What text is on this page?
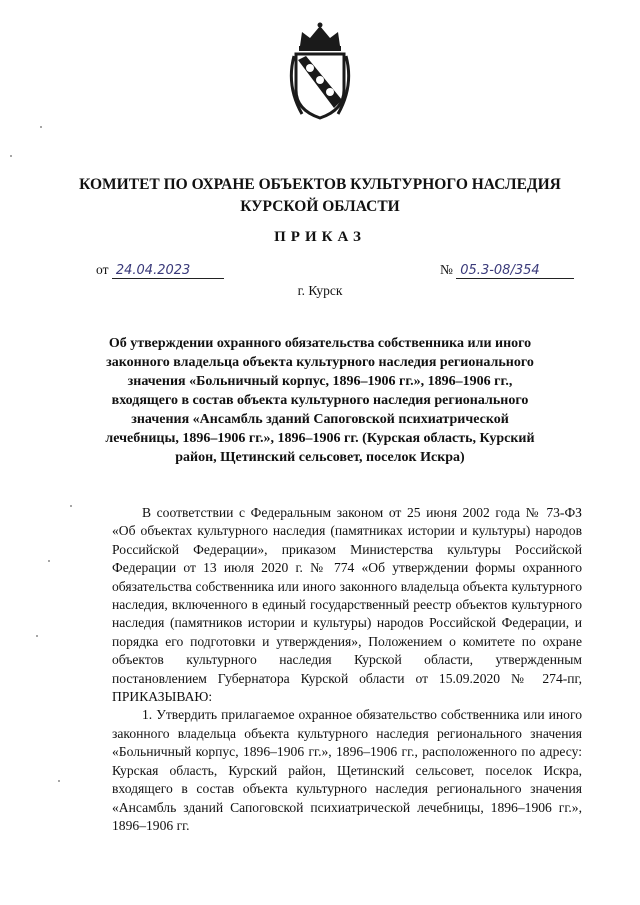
КОМИТЕТ ПО ОХРАНЕ ОБЪЕКТОВ КУЛЬТУРНОГО НАСЛЕДИЯ КУРСКОЙ ОБЛАСТИ
ПРИКАЗ
от 24.04.2023	№ 05.3-08/354
г. Курск
Об утверждении охранного обязательства собственника или иного законного владельца объекта культурного наследия регионального значения «Больничный корпус, 1896–1906 гг.», 1896–1906 гг., входящего в состав объекта культурного наследия регионального значения «Ансамбль зданий Сапоговской психиатрической лечебницы, 1896–1906 гг.», 1896–1906 гг. (Курская область, Курский район, Щетинский сельсовет, поселок Искра)

В соответствии с Федеральным законом от 25 июня 2002 года № 73-ФЗ «Об объектах культурного наследия (памятниках истории и культуры) народов Российской Федерации», приказом Министерства культуры Российской Федерации от 13 июля 2020 г. № 774 «Об утверждении формы охранного обязательства собственника или иного законного владельца объекта культурного наследия, включенного в единый государственный реестр объектов культурного наследия (памятников истории и культуры) народов Российской Федерации, и порядка его подготовки и утверждения», Положением о комитете по охране объектов культурного наследия Курской области, утвержденным постановлением Губернатора Курской области от 15.09.2020 № 274-пг, ПРИКАЗЫВАЮ:

1. Утвердить прилагаемое охранное обязательство собственника или иного законного владельца объекта культурного наследия регионального значения «Больничный корпус, 1896–1906 гг.», 1896–1906 гг., расположенного по адресу: Курская область, Курский район, Щетинский сельсовет, поселок Искра, входящего в состав объекта культурного наследия регионального значения «Ансамбль зданий Сапоговской психиатрической лечебницы, 1896–1906 гг.», 1896–1906 гг.
